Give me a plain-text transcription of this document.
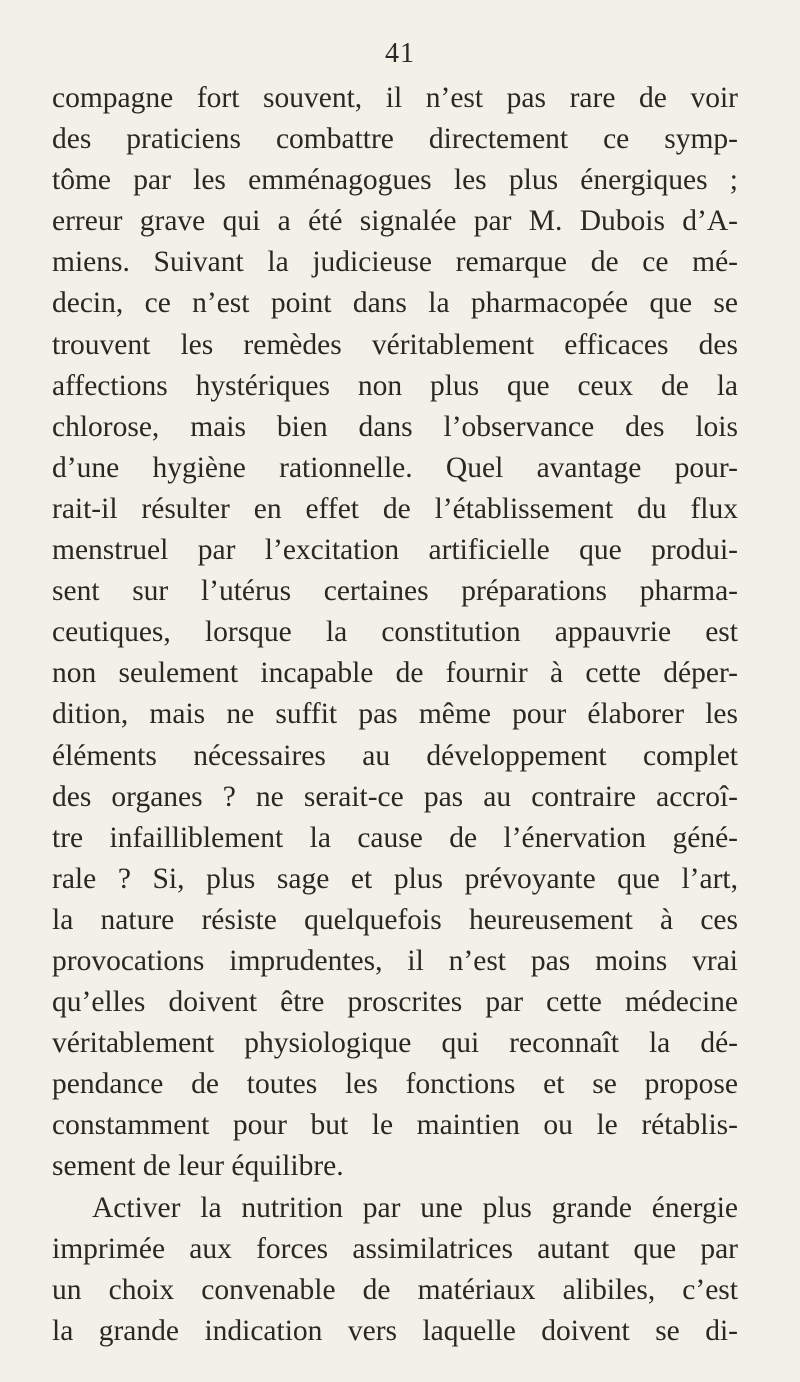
41
compagne fort souvent, il n’est pas rare de voir
des praticiens combattre directement ce symp-
tôme par les emménagogues les plus énergiques ;
erreur grave qui a été signalée par M. Dubois d’A-
miens. Suivant la judicieuse remarque de ce mé-
decin, ce n’est point dans la pharmacopée que se
trouvent les remèdes véritablement efficaces des
affections hystériques non plus que ceux de la
chlorose, mais bien dans l’observance des lois
d’une hygiène rationnelle. Quel avantage pour-
rait-il résulter en effet de l’établissement du flux
menstruel par l’excitation artificielle que produi-
sent sur l’utérus certaines préparations pharma-
ceutiques, lorsque la constitution appauvrie est
non seulement incapable de fournir à cette déper-
dition, mais ne suffit pas même pour élaborer les
éléments nécessaires au développement complet
des organes ? ne serait-ce pas au contraire accroî-
tre infailliblement la cause de l’énervation géné-
rale ? Si, plus sage et plus prévoyante que l’art,
la nature résiste quelquefois heureusement à ces
provocations imprudentes, il n’est pas moins vrai
qu’elles doivent être proscrites par cette médecine
véritablement physiologique qui reconnaît la dé-
pendance de toutes les fonctions et se propose
constamment pour but le maintien ou le rétablis-
sement de leur équilibre.
Activer la nutrition par une plus grande énergie
imprimée aux forces assimilatrices autant que par
un choix convenable de matériaux alibiles, c’est
la grande indication vers laquelle doivent se di-
